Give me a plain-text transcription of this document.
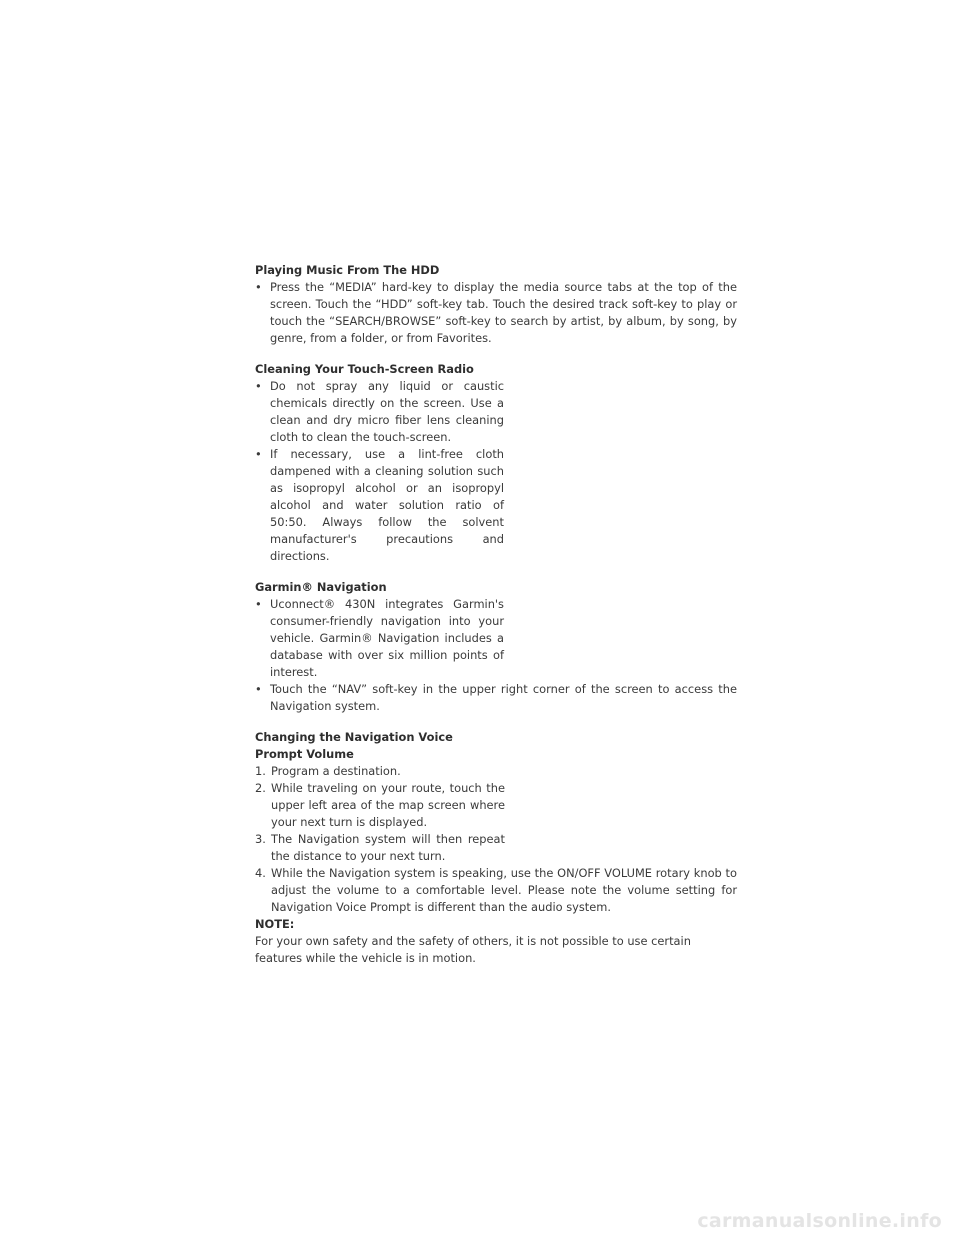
Playing Music From The HDD

• Press the “MEDIA” hard-key to display the media source tabs at the top of the screen. Touch the “HDD” soft-key tab. Touch the desired track soft-key to play or touch the “SEARCH/BROWSE” soft-key to search by artist, by album, by song, by genre, from a folder, or from Favorites.

Cleaning Your Touch-Screen Radio

• Do not spray any liquid or caustic chemicals directly on the screen. Use a clean and dry micro fiber lens cleaning cloth to clean the touch-screen.

• If necessary, use a lint-free cloth dampened with a cleaning solution such as isopropyl alcohol or an isopropyl alcohol and water solution ratio of 50:50. Always follow the solvent manufacturer's precautions and directions.

Garmin® Navigation

• Uconnect® 430N integrates Garmin's consumer-friendly navigation into your vehicle. Garmin® Navigation includes a database with over six million points of interest.

• Touch the “NAV” soft-key in the upper right corner of the screen to access the Navigation system.

Changing the Navigation Voice Prompt Volume

1. Program a destination.

2. While traveling on your route, touch the upper left area of the map screen where your next turn is displayed.

3. The Navigation system will then repeat the distance to your next turn.

4. While the Navigation system is speaking, use the ON/OFF VOLUME rotary knob to adjust the volume to a comfortable level. Please note the volume setting for Navigation Voice Prompt is different than the audio system.

NOTE:

For your own safety and the safety of others, it is not possible to use certain features while the vehicle is in motion.

carmanualsonline.info
